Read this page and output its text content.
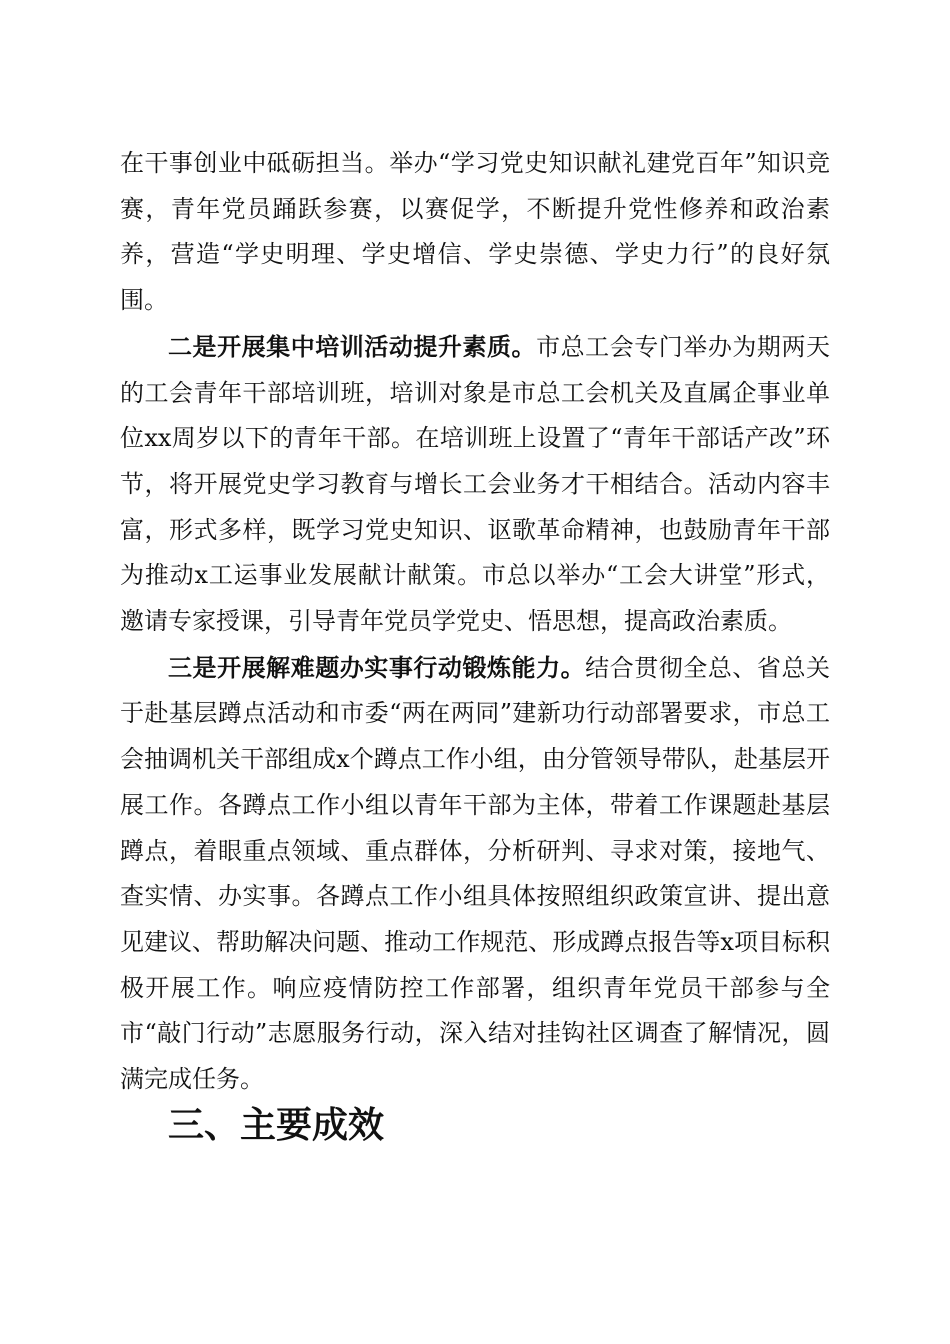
在干事创业中砥砺担当。举办“学习党史知识献礼建党百年”知识竞赛，青年党员踊跃参赛，以赛促学，不断提升党性修养和政治素养，营造“学史明理、学史增信、学史崇德、学史力行”的良好氛围。

二是开展集中培训活动提升素质。市总工会专门举办为期两天的工会青年干部培训班，培训对象是市总工会机关及直属企事业单位xx周岁以下的青年干部。在培训班上设置了“青年干部话产改”环节，将开展党史学习教育与增长工会业务才干相结合。活动内容丰富，形式多样，既学习党史知识、讴歌革命精神，也鼓励青年干部为推动x工运事业发展献计献策。市总以举办“工会大讲堂”形式，邀请专家授课，引导青年党员学党史、悟思想，提高政治素质。

三是开展解难题办实事行动锻炼能力。结合贯彻全总、省总关于赴基层蹲点活动和市委“两在两同”建新功行动部署要求，市总工会抽调机关干部组成x个蹲点工作小组，由分管领导带队，赴基层开展工作。各蹲点工作小组以青年干部为主体，带着工作课题赴基层蹲点，着眼重点领域、重点群体，分析研判、寻求对策，接地气、查实情、办实事。各蹲点工作小组具体按照组织政策宣讲、提出意见建议、帮助解决问题、推动工作规范、形成蹲点报告等x项目标积极开展工作。响应疫情防控工作部署，组织青年党员干部参与全市“敲门行动”志愿服务行动，深入结对挂钩社区调查了解情况，圆满完成任务。

三、主要成效
